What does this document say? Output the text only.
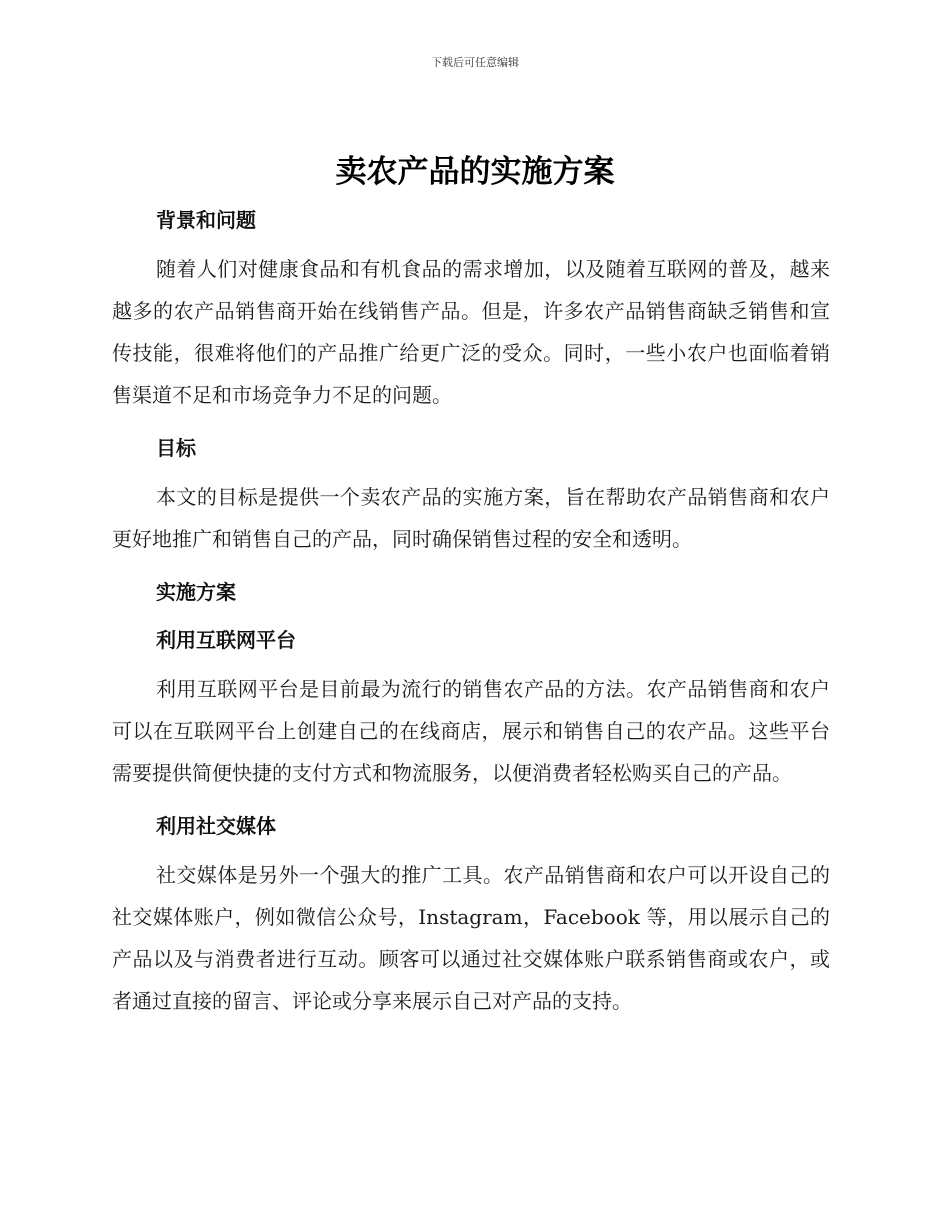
下载后可任意编辑
卖农产品的实施方案
背景和问题

随着人们对健康食品和有机食品的需求增加，以及随着互联网的普及，越来越多的农产品销售商开始在线销售产品。但是，许多农产品销售商缺乏销售和宣传技能，很难将他们的产品推广给更广泛的受众。同时，一些小农户也面临着销售渠道不足和市场竞争力不足的问题。

目标

本文的目标是提供一个卖农产品的实施方案，旨在帮助农产品销售商和农户更好地推广和销售自己的产品，同时确保销售过程的安全和透明。

实施方案
利用互联网平台

利用互联网平台是目前最为流行的销售农产品的方法。农产品销售商和农户可以在互联网平台上创建自己的在线商店，展示和销售自己的农产品。这些平台需要提供简便快捷的支付方式和物流服务，以便消费者轻松购买自己的产品。

利用社交媒体

社交媒体是另外一个强大的推广工具。农产品销售商和农户可以开设自己的社交媒体账户，例如微信公众号，Instagram，Facebook 等，用以展示自己的产品以及与消费者进行互动。顾客可以通过社交媒体账户联系销售商或农户，或者通过直接的留言、评论或分享来展示自己对产品的支持。
